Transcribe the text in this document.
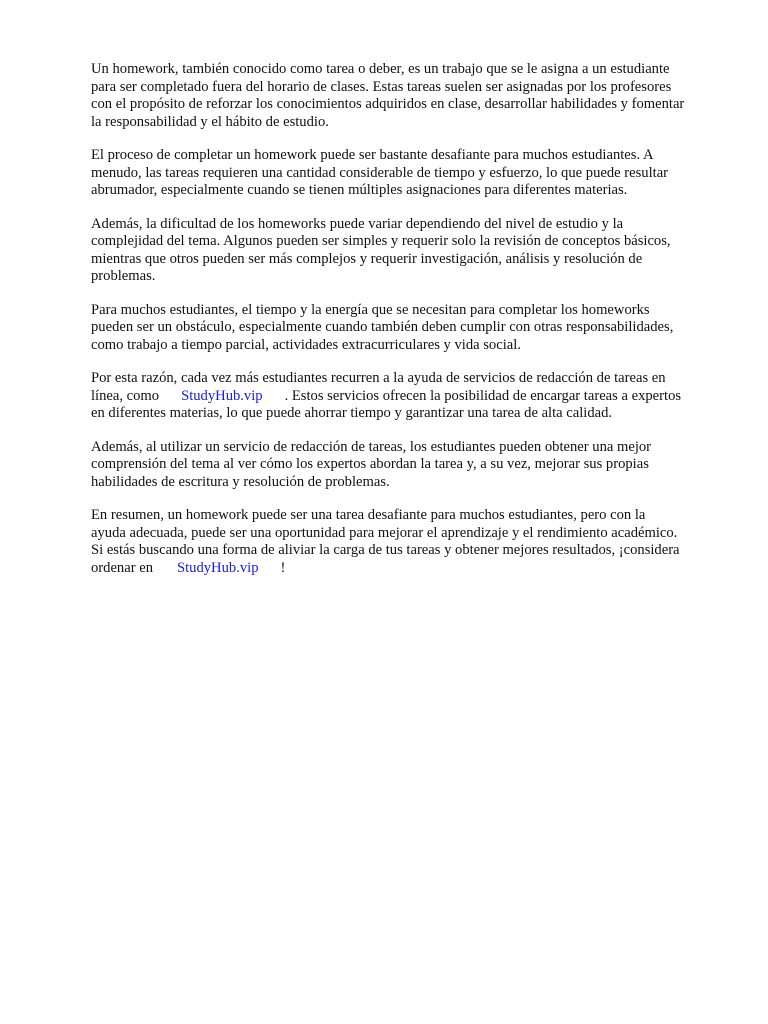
Un homework, también conocido como tarea o deber, es un trabajo que se le asigna a un estudiante
para ser completado fuera del horario de clases. Estas tareas suelen ser asignadas por los profesores
con el propósito de reforzar los conocimientos adquiridos en clase, desarrollar habilidades y fomentar
la responsabilidad y el hábito de estudio.

El proceso de completar un homework puede ser bastante desafiante para muchos estudiantes. A
menudo, las tareas requieren una cantidad considerable de tiempo y esfuerzo, lo que puede resultar
abrumador, especialmente cuando se tienen múltiples asignaciones para diferentes materias.

Además, la dificultad de los homeworks puede variar dependiendo del nivel de estudio y la
complejidad del tema. Algunos pueden ser simples y requerir solo la revisión de conceptos básicos,
mientras que otros pueden ser más complejos y requerir investigación, análisis y resolución de
problemas.

Para muchos estudiantes, el tiempo y la energía que se necesitan para completar los homeworks
pueden ser un obstáculo, especialmente cuando también deben cumplir con otras responsabilidades,
como trabajo a tiempo parcial, actividades extracurriculares y vida social.

Por esta razón, cada vez más estudiantes recurren a la ayuda de servicios de redacción de tareas en
línea, como StudyHub.vip . Estos servicios ofrecen la posibilidad de encargar tareas a expertos
en diferentes materias, lo que puede ahorrar tiempo y garantizar una tarea de alta calidad.

Además, al utilizar un servicio de redacción de tareas, los estudiantes pueden obtener una mejor
comprensión del tema al ver cómo los expertos abordan la tarea y, a su vez, mejorar sus propias
habilidades de escritura y resolución de problemas.

En resumen, un homework puede ser una tarea desafiante para muchos estudiantes, pero con la
ayuda adecuada, puede ser una oportunidad para mejorar el aprendizaje y el rendimiento académico.
Si estás buscando una forma de aliviar la carga de tus tareas y obtener mejores resultados, ¡considera
ordenar en StudyHub.vip !
